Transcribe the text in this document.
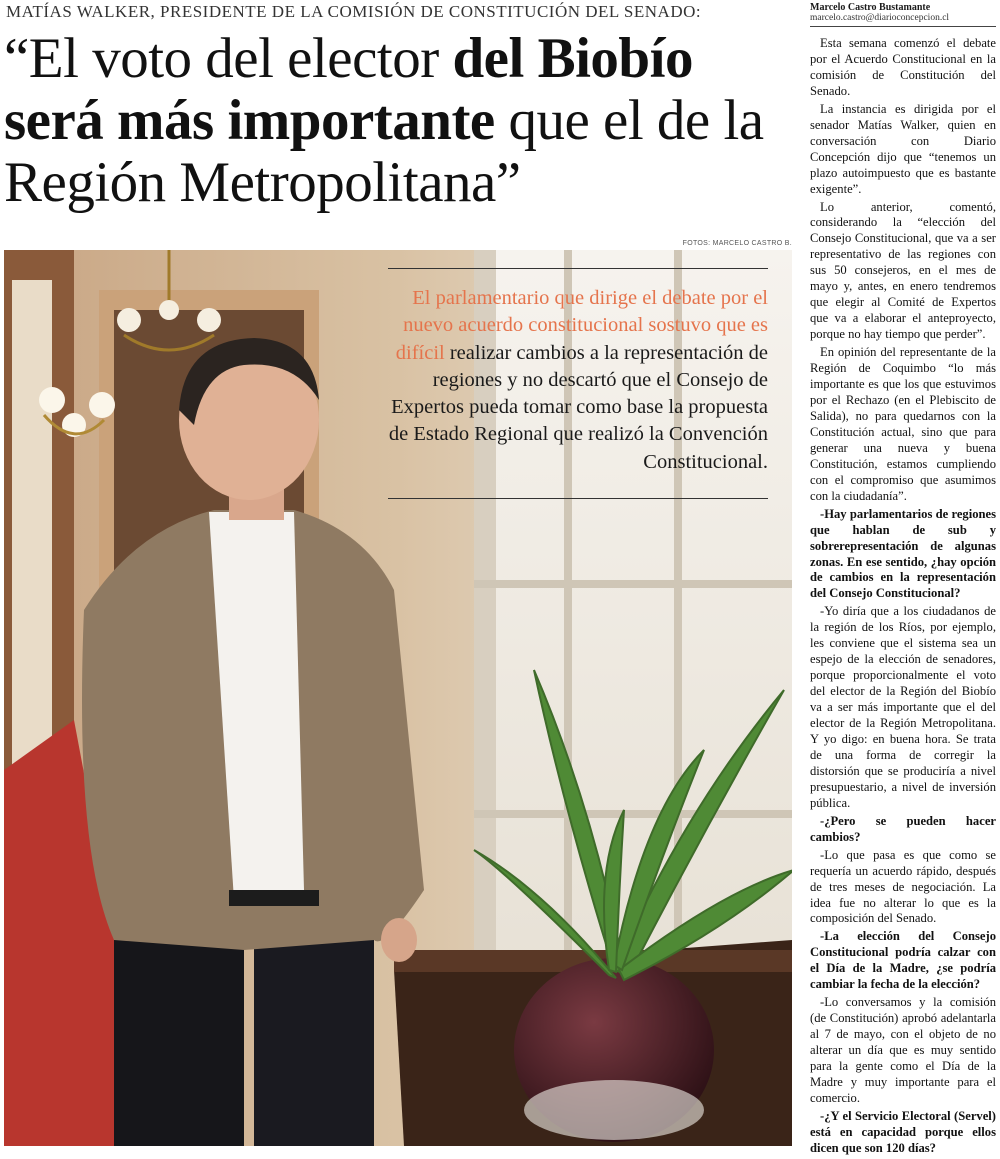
MATÍAS WALKER, PRESIDENTE DE LA COMISIÓN DE CONSTITUCIÓN DEL SENADO:
“El voto del elector del Biobío será más importante que el de la Región Metropolitana”
FOTOS: MARCELO CASTRO B.
El parlamentario que dirige el debate por el nuevo acuerdo constitucional sostuvo que es difícil realizar cambios a la representación de regiones y no descartó que el Consejo de Expertos pueda tomar como base la propuesta de Estado Regional que realizó la Convención Constitucional.
Marcelo Castro Bustamante
marcelo.castro@diarioconcepcion.cl

Esta semana comenzó el debate por el Acuerdo Constitucional en la comisión de Constitución del Senado.

La instancia es dirigida por el senador Matías Walker, quien en conversación con Diario Concepción dijo que “tenemos un plazo autoimpuesto que es bastante exigente”.

Lo anterior, comentó, considerando la “elección del Consejo Constitucional, que va a ser representativo de las regiones con sus 50 consejeros, en el mes de mayo y, antes, en enero tendremos que elegir al Comité de Expertos que va a elaborar el anteproyecto, porque no hay tiempo que perder”.

En opinión del representante de la Región de Coquimbo “lo más importante es que los que estuvimos por el Rechazo (en el Plebiscito de Salida), no para quedarnos con la Constitución actual, sino que para generar una nueva y buena Constitución, estamos cumpliendo con el compromiso que asumimos con la ciudadanía”.

-Hay parlamentarios de regiones que hablan de sub y sobrerepresentación de algunas zonas. En ese sentido, ¿hay opción de cambios en la representación del Consejo Constitucional?

-Yo diría que a los ciudadanos de la región de los Ríos, por ejemplo, les conviene que el sistema sea un espejo de la elección de senadores, porque proporcionalmente el voto del elector de la Región del Biobío va a ser más importante que el del elector de la Región Metropolitana. Y yo digo: en buena hora. Se trata de una forma de corregir la distorsión que se produciría a nivel presupuestario, a nivel de inversión pública.

-¿Pero se pueden hacer cambios?

-Lo que pasa es que como se requería un acuerdo rápido, después de tres meses de negociación. La idea fue no alterar lo que es la composición del Senado.

-La elección del Consejo Constitucional podría calzar con el Día de la Madre, ¿se podría cambiar la fecha de la elección?

-Lo conversamos y la comisión (de Constitución) aprobó adelantarla al 7 de mayo, con el objeto de no alterar un día que es muy sentido para la gente como el Día de la Madre y muy importante para el comercio.

-¿Y el Servicio Electoral (Servel) está en capacidad porque ellos dicen que son 120 días?
